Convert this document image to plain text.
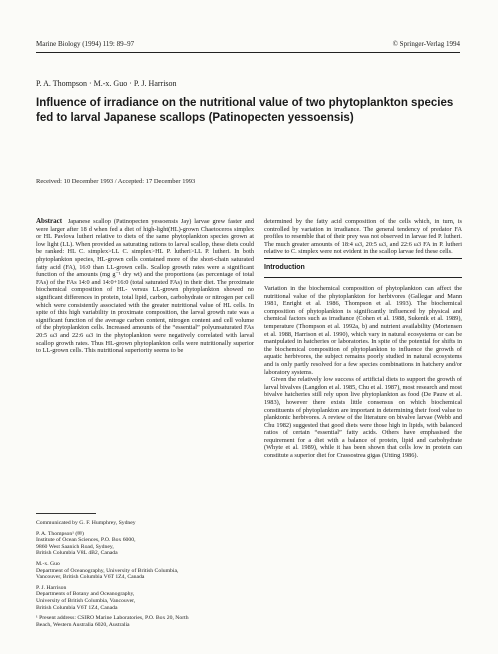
Marine Biology (1994) 119: 89–97	© Springer-Verlag 1994
P. A. Thompson · M.-x. Guo · P. J. Harrison
Influence of irradiance on the nutritional value of two phytoplankton species fed to larval Japanese scallops (Patinopecten yessoensis)
Received: 10 December 1993 / Accepted: 17 December 1993

Abstract Japanese scallop (Patinopecten yessoensis Jay) larvae grew faster and were larger after 18 d when fed a diet of high-light(HL)-grown Chaetoceros simplex or HL Pavlova lutheri relative to diets of the same phytoplankton species grown at low light (LL). When provided as saturating rations to larval scallop, these diets could be ranked: HL C. simplex>LL C. simplex>HL P. lutheri>LL P. lutheri. In both phytoplankton species, HL-grown cells contained more of the short-chain saturated fatty acid (FA), 16:0 than LL-grown cells. Scallop growth rates were a significant function of the amounts (mg g⁻¹ dry wt) and the proportions (as percentage of total FAs) of the FAs 14:0 and 14:0+16:0 (total saturated FAs) in their diet. The proximate biochemical composition of HL- versus LL-grown phytoplankton showed no significant differences in protein, total lipid, carbon, carbohydrate or nitrogen per cell which were consistently associated with the greater nutritional value of HL cells. In spite of this high variability in proximate composition, the larval growth rate was a significant function of the average carbon content, nitrogen content and cell volume of the phytoplankton cells. Increased amounts of the “essential” polyunsaturated FAs 20:5 ω3 and 22:6 ω3 in the phytoplankton were negatively correlated with larval scallop growth rates. Thus HL-grown phytoplankton cells were nutritionally superior to LL-grown cells. This nutritional superiority seems to be

determined by the fatty acid composition of the cells which, in turn, is controlled by variation in irradiance. The general tendency of predator FA profiles to resemble that of their prey was not observed in larvae fed P. lutheri. The much greater amounts of 18:4 ω3, 20:5 ω3, and 22:6 ω3 FA in P. lutheri relative to C. simplex were not evident in the scallop larvae fed these cells.

Introduction

Variation in the biochemical composition of phytoplankton can affect the nutritional value of the phytoplankton for herbivores (Gallegar and Mann 1981, Enright et al. 1986, Thompson et al. 1993). The biochemical composition of phytoplankton is significantly influenced by physical and chemical factors such as irradiance (Cohen et al. 1988, Sukenik et al. 1989), temperature (Thompson et al. 1992a, b) and nutrient availability (Mortensen et al. 1988, Harrison et al. 1990), which vary in natural ecosystems or can be manipulated in hatcheries or laboratories. In spite of the potential for shifts in the biochemical composition of phytoplankton to influence the growth of aquatic herbivores, the subject remains poorly studied in natural ecosystems and is only partly resolved for a few species combinations in hatchery and/or laboratory systems.

Given the relatively low success of artificial diets to support the growth of larval bivalves (Langdon et al. 1985, Chu et al. 1987), most research and most bivalve hatcheries still rely upon live phytoplankton as food (De Pauw et al. 1983), however there exists little consensus on which biochemical constituents of phytoplankton are important in determining their food value to planktonic herbivores. A review of the literature on bivalve larvae (Webb and Chu 1982) suggested that good diets were those high in lipids, with balanced ratios of certain “essential” fatty acids. Others have emphasised the requirement for a diet with a balance of protein, lipid and carbohydrate (Whyte et al. 1989), while it has been shown that cells low in protein can constitute a superior diet for Crassostrea gigas (Utting 1986).

Communicated by G. F. Humphrey, Sydney
P. A. Thompson¹ (✉)
Institute of Ocean Sciences, P.O. Box 6000,
9860 West Saanich Road, Sydney,
British Columbia V8L 4B2, Canada
M.-x. Guo
Department of Oceanography, University of British Columbia,
Vancouver, British Columbia V6T 1Z4, Canada
P. J. Harrison
Departments of Botany and Oceanography,
University of British Columbia, Vancouver,
British Columbia V6T 1Z4, Canada
¹ Present address: CSIRO Marine Laboratories, P.O. Box 20, North
Beach, Western Australia 6020, Australia
